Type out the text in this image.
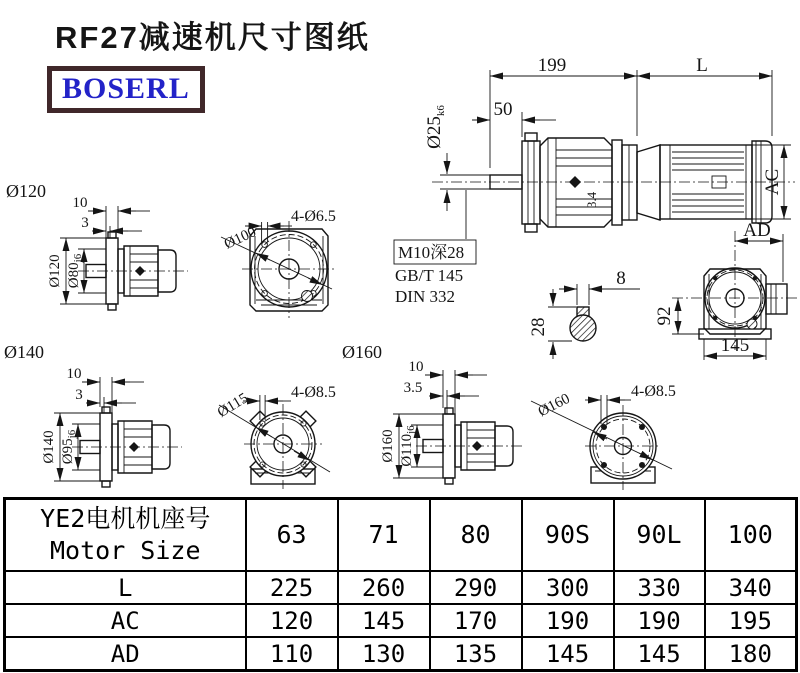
RF27减速机尺寸图纸
BOSERL
199	L
50
$Ø25_{k6}$
3.4
AC
M10深28
GB/T 145
DIN 332
8
28
AD
92
145
Ø120
10
3
Ø120 $Ø80_{j6}$
4-Ø6.5
Ø100
Ø140
10
3
Ø140 $Ø95_{j6}$
4-Ø8.5
Ø115
Ø160
10
3.5
Ø160 $Ø110_{j6}$
4-Ø8.5
Ø160
YE2电机机座号
Motor Size	63	71	80	90S	90L	100
L	225	260	290	300	330	340
AC	120	145	170	190	190	195
AD	110	130	135	145	145	180
